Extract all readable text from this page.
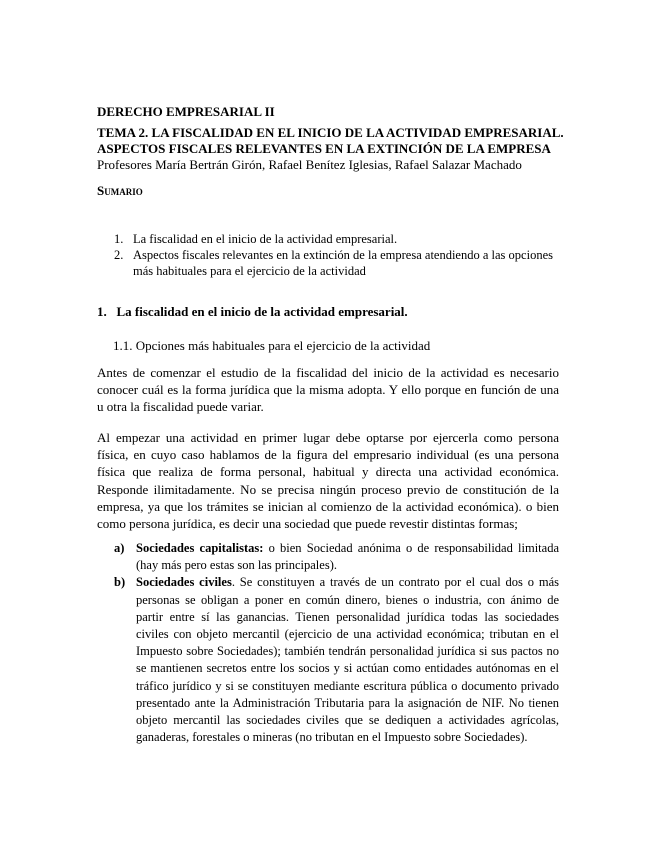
DERECHO EMPRESARIAL II

TEMA 2. LA FISCALIDAD EN EL INICIO DE LA ACTIVIDAD EMPRESARIAL.
ASPECTOS FISCALES RELEVANTES EN LA EXTINCIÓN DE LA EMPRESA

Profesores María Bertrán Girón, Rafael Benítez Iglesias, Rafael Salazar Machado

Sumario

1. La fiscalidad en el inicio de la actividad empresarial.
2. Aspectos fiscales relevantes en la extinción de la empresa atendiendo a las opciones más habituales para el ejercicio de la actividad

1.   La fiscalidad en el inicio de la actividad empresarial.

1.1. Opciones más habituales para el ejercicio de la actividad

Antes de comenzar el estudio de la fiscalidad del inicio de la actividad es necesario conocer cuál es la forma jurídica que la misma adopta. Y ello porque en función de una u otra la fiscalidad puede variar.

Al empezar una actividad en primer lugar debe optarse por ejercerla como persona física, en cuyo caso hablamos de la figura del empresario individual (es una persona física que realiza de forma personal, habitual y directa una actividad económica. Responde ilimitadamente. No se precisa ningún proceso previo de constitución de la empresa, ya que los trámites se inician al comienzo de la actividad económica). o bien como persona jurídica, es decir una sociedad que puede revestir distintas formas;

a) Sociedades capitalistas: o bien Sociedad anónima o de responsabilidad limitada (hay más pero estas son las principales).
b) Sociedades civiles. Se constituyen a través de un contrato por el cual dos o más personas se obligan a poner en común dinero, bienes o industria, con ánimo de partir entre sí las ganancias. Tienen personalidad jurídica todas las sociedades civiles con objeto mercantil (ejercicio de una actividad económica; tributan en el Impuesto sobre Sociedades); también tendrán personalidad jurídica si sus pactos no se mantienen secretos entre los socios y si actúan como entidades autónomas en el tráfico jurídico y si se constituyen mediante escritura pública o documento privado presentado ante la Administración Tributaria para la asignación de NIF. No tienen objeto mercantil las sociedades civiles que se dediquen a actividades agrícolas, ganaderas, forestales o mineras (no tributan en el Impuesto sobre Sociedades).
